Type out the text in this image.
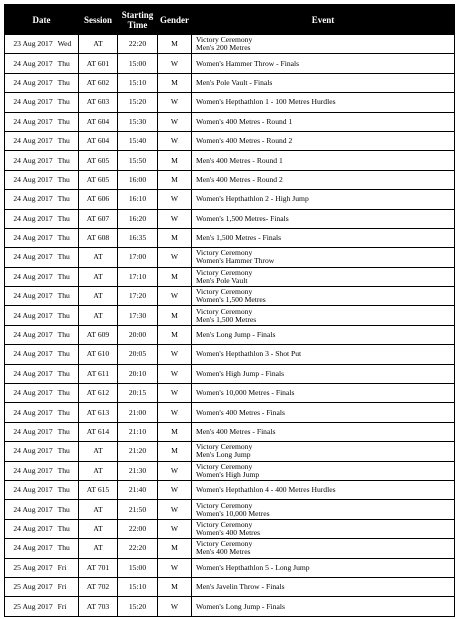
Date	Session	Starting
Time	Gender	Event
23 Aug 2017 Wed	AT	22:20	M	Victory Ceremony
Men's 200 Metres

24 Aug 2017 Thu	AT 601	15:00	W	Women's Hammer Throw - Finals
24 Aug 2017 Thu	AT 602	15:10	M	Men's Pole Vault - Finals
24 Aug 2017 Thu	AT 603	15:20	W	Women's Hepthathlon 1 - 100 Metres Hurdles
24 Aug 2017 Thu	AT 604	15:30	W	Women's 400 Metres - Round 1
24 Aug 2017 Thu	AT 604	15:40	W	Women's 400 Metres - Round 2
24 Aug 2017 Thu	AT 605	15:50	M	Men's 400 Metres - Round 1
24 Aug 2017 Thu	AT 605	16:00	M	Men's 400 Metres - Round 2
24 Aug 2017 Thu	AT 606	16:10	W	Women's Hepthathlon 2 - High Jump
24 Aug 2017 Thu	AT 607	16:20	W	Women's 1,500 Metres- Finals
24 Aug 2017 Thu	AT 608	16:35	M	Men's 1,500 Metres - Finals
24 Aug 2017 Thu	AT	17:00	W	Victory Ceremony
Women's Hammer Throw

24 Aug 2017 Thu	AT	17:10	M	Victory Ceremony
Men's Pole Vault

24 Aug 2017 Thu	AT	17:20	W	Victory Ceremony
Women's 1,500 Metres

24 Aug 2017 Thu	AT	17:30	M	Victory Ceremony
Men's 1,500 Metres

24 Aug 2017 Thu	AT 609	20:00	M	Men's Long Jump - Finals
24 Aug 2017 Thu	AT 610	20:05	W	Women's Hepthathlon 3 - Shot Put
24 Aug 2017 Thu	AT 611	20:10	W	Women's High Jump - Finals
24 Aug 2017 Thu	AT 612	20:15	W	Women's 10,000 Metres - Finals
24 Aug 2017 Thu	AT 613	21:00	W	Women's 400 Metres - Finals
24 Aug 2017 Thu	AT 614	21:10	M	Men's 400 Metres - Finals
24 Aug 2017 Thu	AT	21:20	M	Victory Ceremony
Men's Long Jump

24 Aug 2017 Thu	AT	21:30	W	Victory Ceremony
Women's High Jump

24 Aug 2017 Thu	AT 615	21:40	W	Women's Hepthathlon 4 - 400 Metres Hurdles
24 Aug 2017 Thu	AT	21:50	W	Victory Ceremony
Women's 10,000 Metres

24 Aug 2017 Thu	AT	22:00	W	Victory Ceremony
Women's 400 Metres

24 Aug 2017 Thu	AT	22:20	M	Victory Ceremony
Men's 400 Metres

25 Aug 2017 Fri	AT 701	15:00	W	Women's Hepthathlon 5 - Long Jump
25 Aug 2017 Fri	AT 702	15:10	M	Men's Javelin Throw - Finals
25 Aug 2017 Fri	AT 703	15:20	W	Women's Long Jump - Finals
